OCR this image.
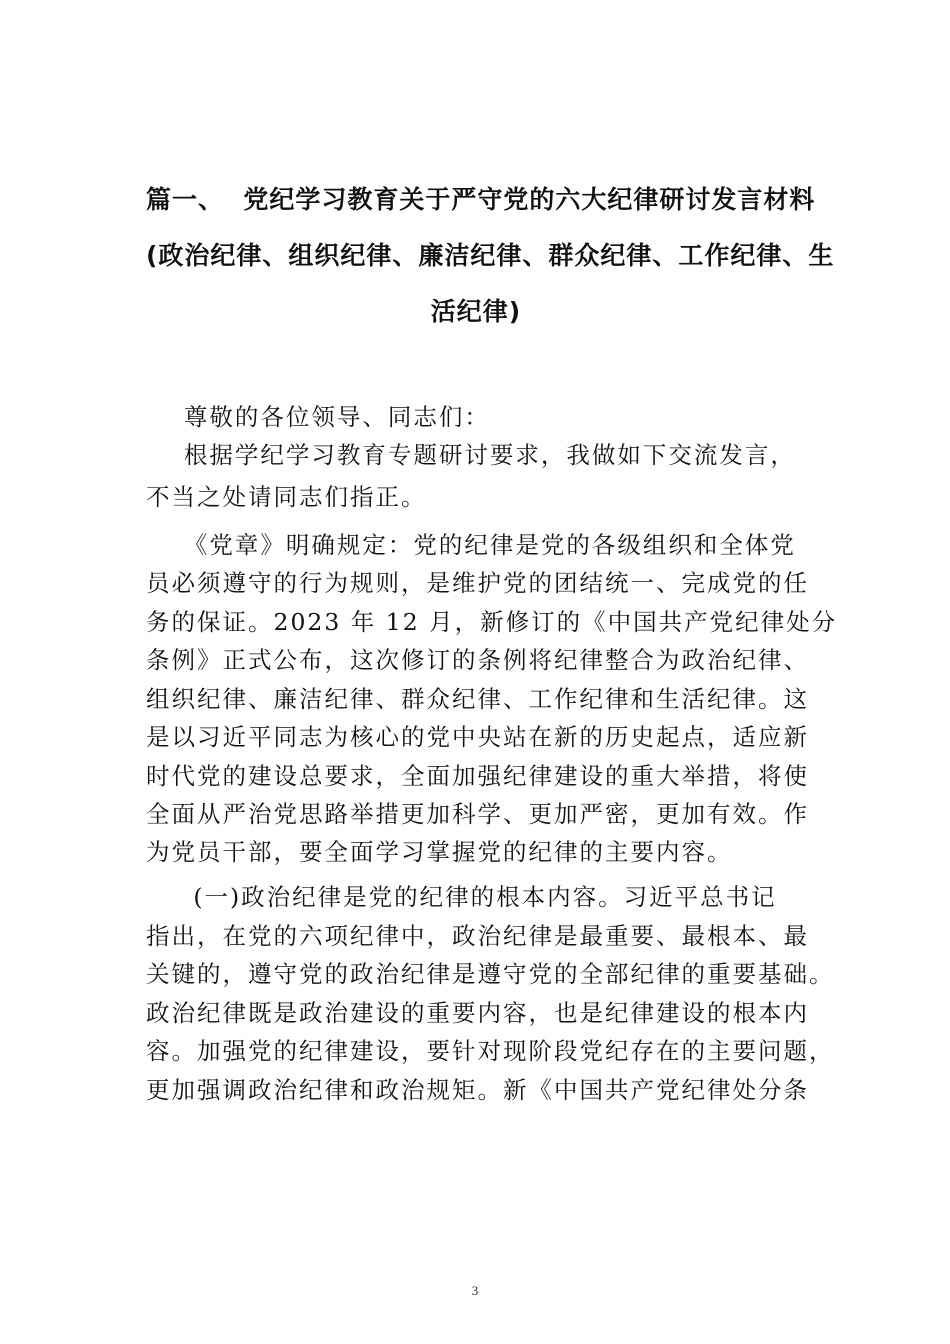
篇一、  党纪学习教育关于严守党的六大纪律研讨发言材料

(政治纪律、组织纪律、廉洁纪律、群众纪律、工作纪律、生

活纪律)

尊敬的各位领导、同志们：

根据学纪学习教育专题研讨要求，我做如下交流发言，

不当之处请同志们指正。

《党章》明确规定：党的纪律是党的各级组织和全体党

员必须遵守的行为规则，是维护党的团结统一、完成党的任

务的保证。2023 年 12 月，新修订的《中国共产党纪律处分

条例》正式公布，这次修订的条例将纪律整合为政治纪律、

组织纪律、廉洁纪律、群众纪律、工作纪律和生活纪律。这

是以习近平同志为核心的党中央站在新的历史起点，适应新

时代党的建设总要求，全面加强纪律建设的重大举措，将使

全面从严治党思路举措更加科学、更加严密，更加有效。作

为党员干部，要全面学习掌握党的纪律的主要内容。

(一)政治纪律是党的纪律的根本内容。习近平总书记

指出，在党的六项纪律中，政治纪律是最重要、最根本、最

关键的，遵守党的政治纪律是遵守党的全部纪律的重要基础。

政治纪律既是政治建设的重要内容，也是纪律建设的根本内

容。加强党的纪律建设，要针对现阶段党纪存在的主要问题，

更加强调政治纪律和政治规矩。新《中国共产党纪律处分条

3
